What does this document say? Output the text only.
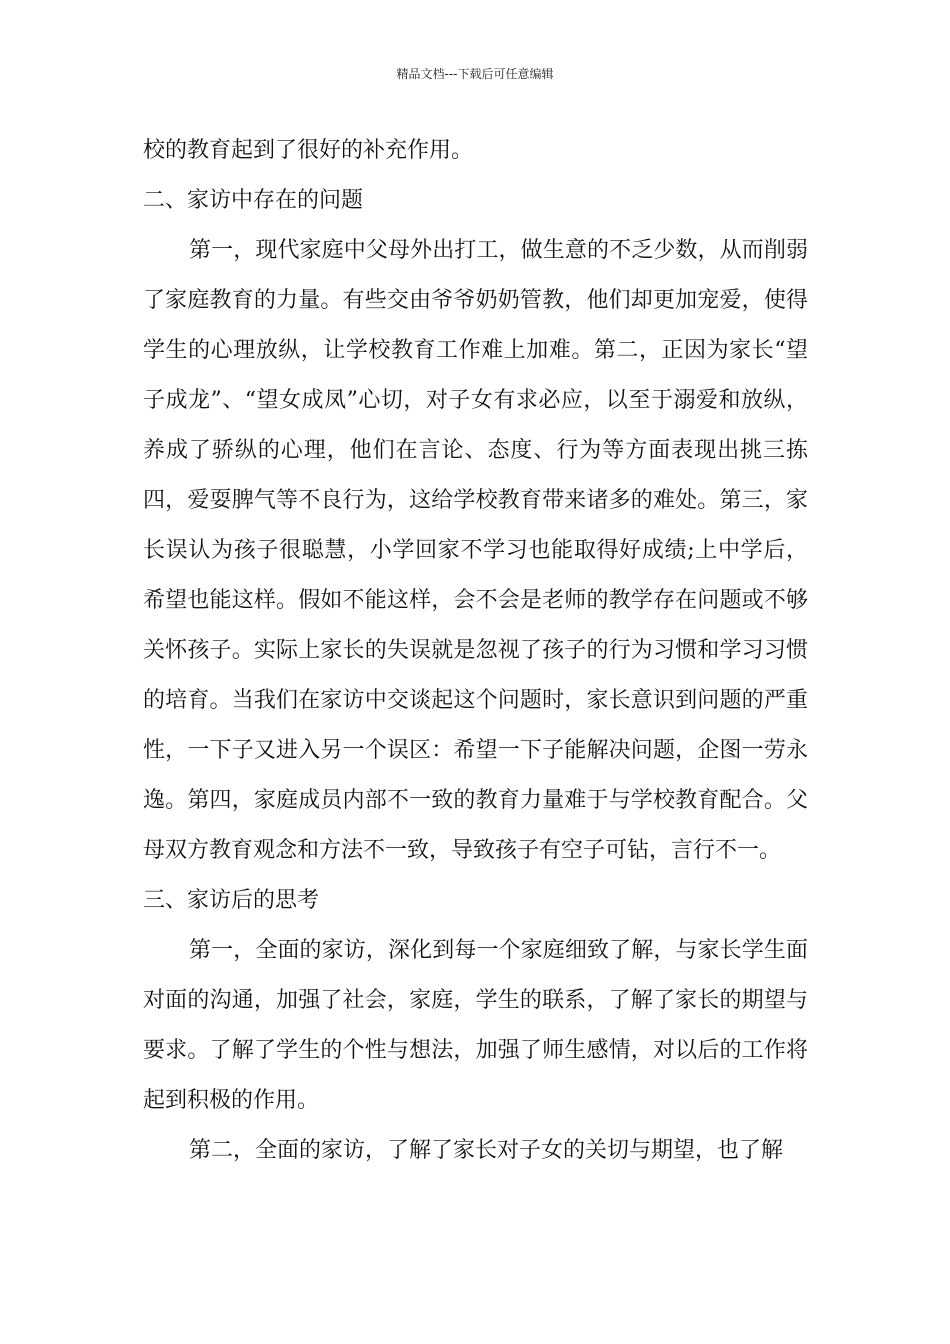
精品文档---下载后可任意编辑

校的教育起到了很好的补充作用。

二、家访中存在的问题

第一，现代家庭中父母外出打工，做生意的不乏少数，从而削弱了家庭教育的力量。有些交由爷爷奶奶管教，他们却更加宠爱，使得学生的心理放纵，让学校教育工作难上加难。第二，正因为家长“望子成龙”、“望女成凤”心切，对子女有求必应，以至于溺爱和放纵，养成了骄纵的心理，他们在言论、态度、行为等方面表现出挑三拣四，爱耍脾气等不良行为，这给学校教育带来诸多的难处。第三，家长误认为孩子很聪慧，小学回家不学习也能取得好成绩;上中学后，希望也能这样。假如不能这样，会不会是老师的教学存在问题或不够关怀孩子。实际上家长的失误就是忽视了孩子的行为习惯和学习习惯的培育。当我们在家访中交谈起这个问题时，家长意识到问题的严重性，一下子又进入另一个误区：希望一下子能解决问题，企图一劳永逸。第四，家庭成员内部不一致的教育力量难于与学校教育配合。父母双方教育观念和方法不一致，导致孩子有空子可钻，言行不一。

三、家访后的思考

第一，全面的家访，深化到每一个家庭细致了解，与家长学生面对面的沟通，加强了社会，家庭，学生的联系，了解了家长的期望与要求。了解了学生的个性与想法，加强了师生感情，对以后的工作将起到积极的作用。

第二，全面的家访，了解了家长对子女的关切与期望，也了解
